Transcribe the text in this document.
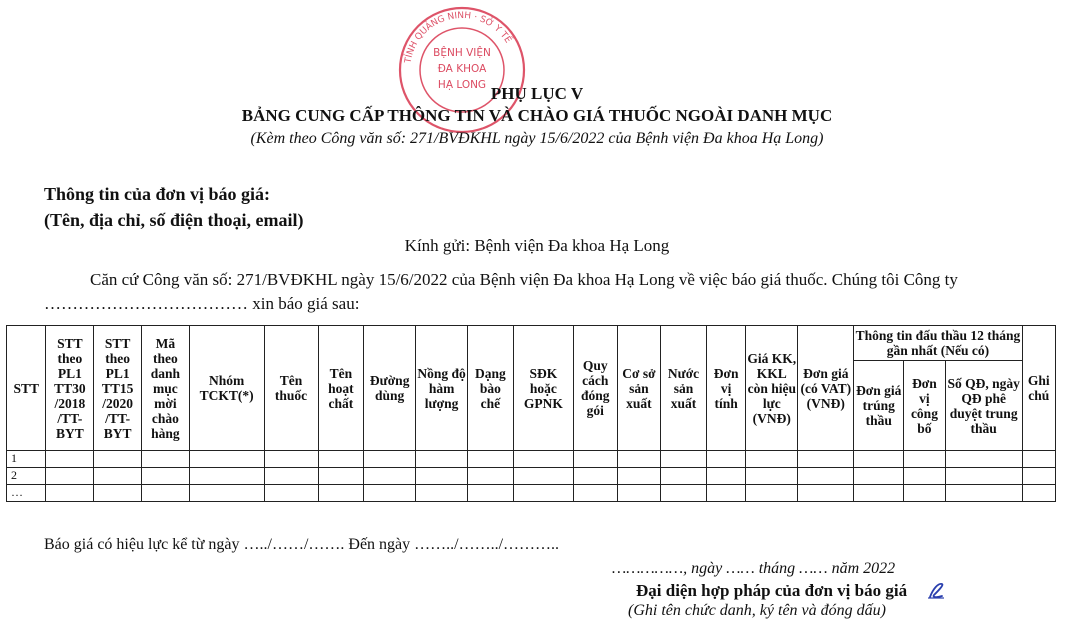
TỈNH QUẢNG NINH · SỞ Y TẾ
BỆNH VIỆN
ĐA KHOA
HẠ LONG PHỤ LỤC V
BẢNG CUNG CẤP THÔNG TIN VÀ CHÀO GIÁ THUỐC NGOÀI DANH MỤC
(Kèm theo Công văn số: 271/BVĐKHL ngày 15/6/2022 của Bệnh viện Đa khoa Hạ Long)
Thông tin của đơn vị báo giá:
(Tên, địa chỉ, số điện thoại, email)
Kính gửi: Bệnh viện Đa khoa Hạ Long
Căn cứ Công văn số: 271/BVĐKHL ngày 15/6/2022 của Bệnh viện Đa khoa Hạ Long về việc báo giá thuốc. Chúng tôi Công ty ……………………………… xin báo giá sau:
STT	STT theo PL1 TT30 /2018 /TT-BYT	STT theo PL1 TT15 /2020 /TT-BYT	Mã theo danh mục mời chào hàng	Nhóm TCKT(*)	Tên thuốc	Tên hoạt chất	Đường dùng	Nồng độ hàm lượng	Dạng bào chế	SĐK hoặc GPNK	Quy cách đóng gói	Cơ sở sản xuất	Nước sản xuất	Đơn vị tính	Giá KK, KKL còn hiệu lực (VNĐ)	Đơn giá (có VAT) (VNĐ)	Thông tin đấu thầu 12 tháng gần nhất (Nếu có)			Ghi chú
																	Đơn giá trúng thầu	Đơn vị công bố	Số QĐ, ngày QĐ phê duyệt trung thầu	
1																				
2																				
…																				
Báo giá có hiệu lực kể từ ngày …../……/……. Đến ngày ……../……../………..
……………, ngày …… tháng …… năm 2022
Đại diện hợp pháp của đơn vị báo giá
(Ghi tên chức danh, ký tên và đóng dấu)
